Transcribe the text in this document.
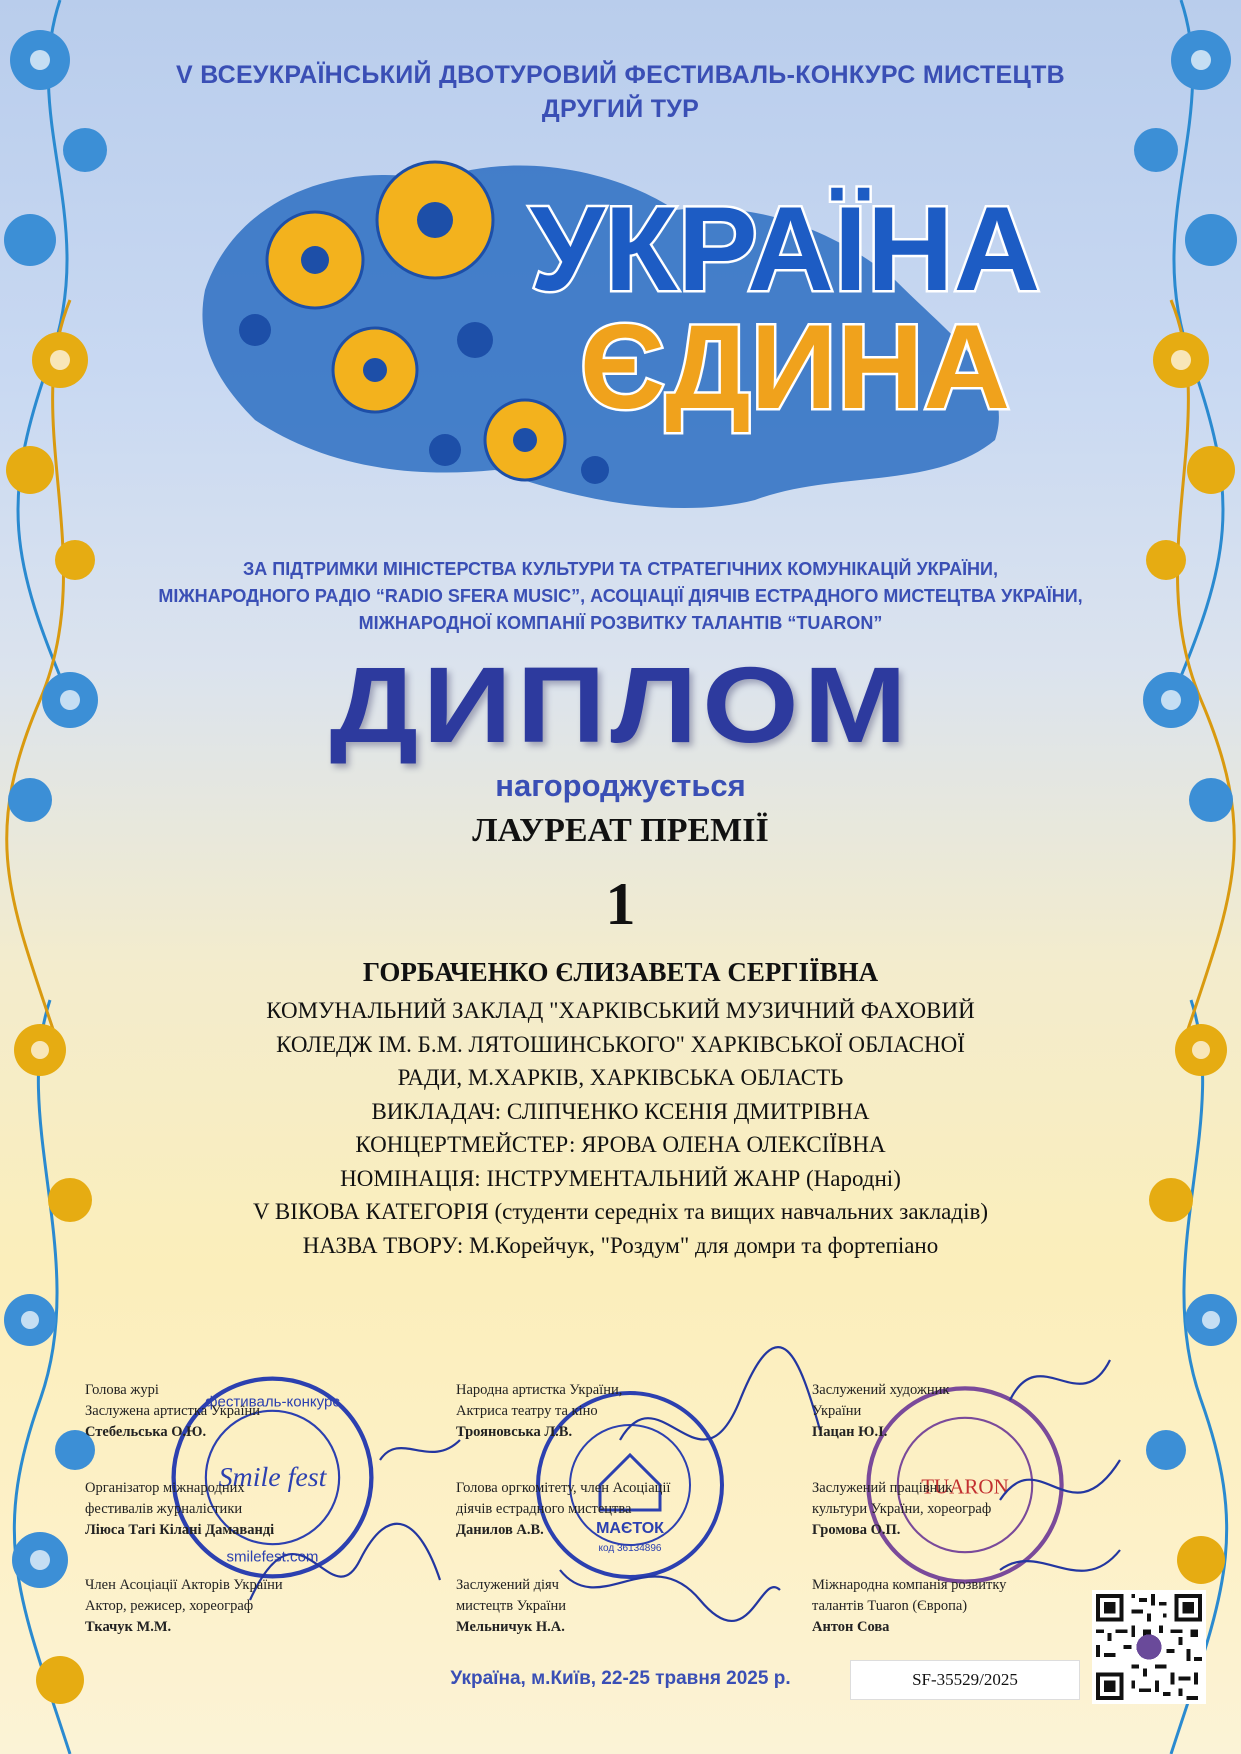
V ВСЕУКРАЇНСЬКИЙ ДВОТУРОВИЙ ФЕСТИВАЛЬ-КОНКУРС МИСТЕЦТВ
ДРУГИЙ ТУР
УКРАЇНА
ЄДИНА
ЗА ПІДТРИМКИ МІНІСТЕРСТВА КУЛЬТУРИ ТА СТРАТЕГІЧНИХ КОМУНІКАЦІЙ УКРАЇНИ,
МІЖНАРОДНОГО РАДІО “RADIO SFERA MUSIC”, АСОЦІАЦІЇ ДІЯЧІВ ЕСТРАДНОГО МИСТЕЦТВА УКРАЇНИ,
МІЖНАРОДНОЇ КОМПАНІЇ РОЗВИТКУ ТАЛАНТІВ “TUARON”
ДИПЛОМ
нагороджується
ЛАУРЕАТ ПРЕМІЇ
1
ГОРБАЧЕНКО ЄЛИЗАВЕТА СЕРГІЇВНА
КОМУНАЛЬНИЙ ЗАКЛАД "ХАРКІВСЬКИЙ МУЗИЧНИЙ ФАХОВИЙ
КОЛЕДЖ ІМ. Б.М. ЛЯТОШИНСЬКОГО" ХАРКІВСЬКОЇ ОБЛАСНОЇ
РАДИ, М.ХАРКІВ, ХАРКІВСЬКА ОБЛАСТЬ
ВИКЛАДАЧ: СЛІПЧЕНКО КСЕНІЯ ДМИТРІВНА
КОНЦЕРТМЕЙСТЕР: ЯРОВА ОЛЕНА ОЛЕКСІЇВНА
НОМІНАЦІЯ: ІНСТРУМЕНТАЛЬНИЙ ЖАНР (Народні)
V ВІКОВА КАТЕГОРІЯ (студенти середніх та вищих навчальних закладів)
НАЗВА ТВОРУ: М.Корейчук, "Роздум" для домри та фортепіано
фестиваль-конкурс
Smile fest
smilefest.com
МАЄТОК
код 36134896
TUARON
Голова журі
Заслужена артистка України
Стебельська О.Ю.
Народна артистка України,
Актриса театру та кіно
Трояновська Л.В.
Заслужений художник
України
Пацан Ю.І.
Організатор міжнародних
фестивалів журналістики
Ліюса Тагі Кілані Дамаванді
Голова оргкомітету, член Асоціації
діячів естрадного мистецтва
Данилов А.В.
Заслужений працівник
культури України, хореограф
Громова О.П.
Член Асоціації Акторів України
Актор, режисер, хореограф
Ткачук М.М.
Заслужений діяч
мистецтв України
Мельничук Н.А.
Міжнародна компанія розвитку
талантів Tuaron (Європа)
Антон Сова
Україна, м.Київ, 22-25 травня 2025 р.	SF-35529/2025
